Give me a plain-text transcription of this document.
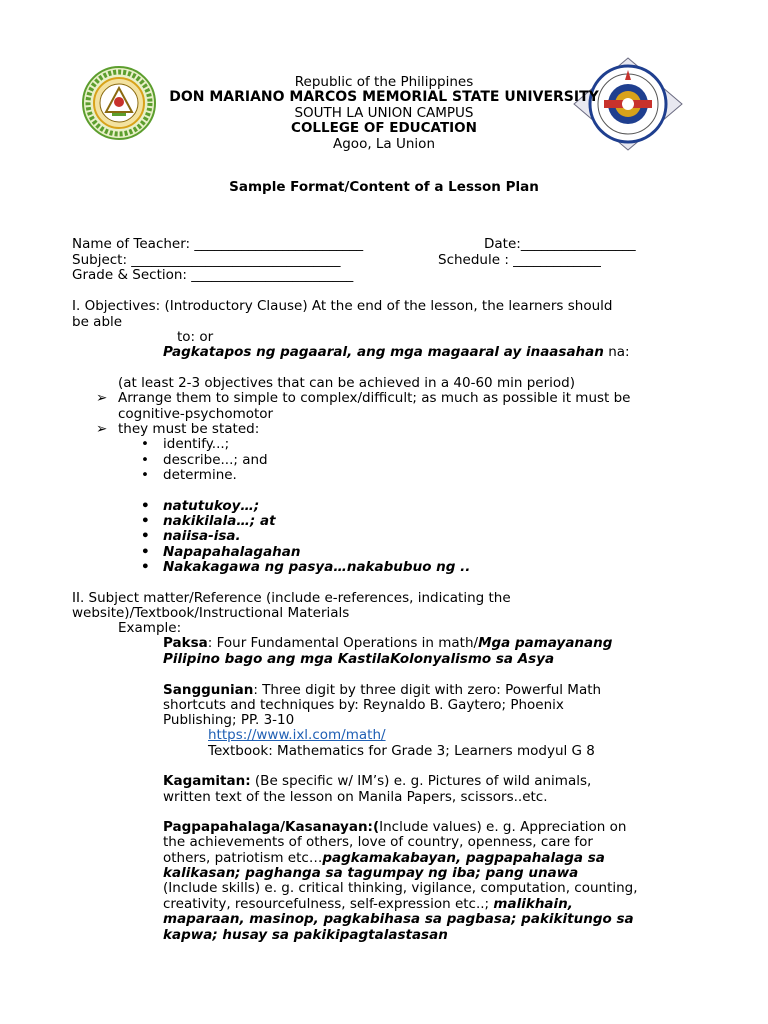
Republic of the Philippines
DON MARIANO MARCOS MEMORIAL STATE UNIVERSITY
SOUTH LA UNION CAMPUS
COLLEGE OF EDUCATION
Agoo, La Union
Sample Format/Content of a Lesson Plan
Name of Teacher: _________________________	Date:_________________
Subject: _______________________________	Schedule : _____________
Grade & Section: ________________________
I. Objectives: (Introductory Clause) At the end of the lesson, the learners should
be able
to: or
Pagkatapos ng pagaaral, ang mga magaaral ay inaasahan na:
(at least 2-3 objectives that can be achieved in a 40-60 min period)
➢ Arrange them to simple to complex/difficult; as much as possible it must be
cognitive-psychomotor
➢ they must be stated:
• identify...;
• describe...; and
• determine.
• natutukoy…;
• nakikilala…; at
• naiisa-isa.
• Napapahalagahan
• Nakakagawa ng pasya…nakabubuo ng ..
II. Subject matter/Reference (include e-references, indicating the
website)/Textbook/Instructional Materials
Example:
Paksa: Four Fundamental Operations in math/Mga pamayanang
Pilipino bago ang mga KastilaKolonyalismo sa Asya
Sanggunian: Three digit by three digit with zero: Powerful Math
shortcuts and techniques by: Reynaldo B. Gaytero; Phoenix
Publishing; PP. 3-10
https://www.ixl.com/math/
Textbook: Mathematics for Grade 3; Learners modyul G 8
Kagamitan: (Be specific w/ IM’s) e. g. Pictures of wild animals,
written text of the lesson on Manila Papers, scissors..etc.
Pagpapahalaga/Kasanayan:(Include values) e. g. Appreciation on
the achievements of others, love of country, openness, care for
others, patriotism etc…pagkamakabayan, pagpapahalaga sa
kalikasan; paghanga sa tagumpay ng iba; pang unawa
(Include skills) e. g. critical thinking, vigilance, computation, counting,
creativity, resourcefulness, self-expression etc..; malikhain,
maparaan, masinop, pagkabihasa sa pagbasa; pakikitungo sa
kapwa; husay sa pakikipagtalastasan
